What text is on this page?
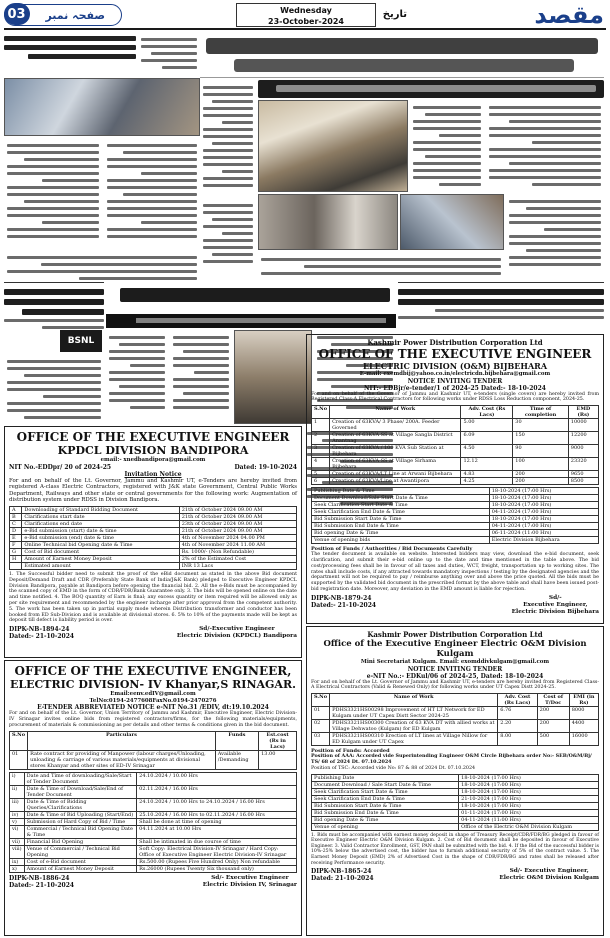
03	صفحہ نمبر	Wednesday
23-October-2024
تاریخ	مقصد
BSNL
OFFICE OF THE EXECUTIVE ENGINEER
KPDCL DIVISION BANDIPORA
email:- xnedbandipora@gmail.com
NIT No.-EDDpr/ 20 of 2024-25	Dated: 19-10-2024
Invitation Notice
For and on behalf of the Lt. Governor, Jammu and Kashmir UT, e-Tenders are hereby invited from registered A-class Electric Contractors, registered with J&K state Government, Central Public Works Department, Railways and other state or central governments for the following work: Augmentation of distribution system under RDSS in Division Bandipora.
A	Downloading of Standard Bidding Document	21th of October 2024 09.00 AM
B	Clarifications start date	21th of October 2024 09.00 AM
C	Clarifications end date	23th of October 2024 09.00 AM
D	e-Bid submission (start) date & time	21th of October 2024 09.00 AM
E	e-Bid submission (end) date & time	4th of November 2024 04.00 PM
F	Online Technical bid Opening date & Time	4th of November 2024 11.00 AM
G	Cost of Bid document	Rs. 1000/- (Non Refundable)
H	Amount of Earnest Money Deposit	2% of the Estimated Cost
	Estimated amount	INR 13 Lacs
1. The Successful bidder need to submit the proof of the eBid document as stated in the above Bid document Deposit/Demand Draft and CDR (Preferably State Bank of India/J&K Bank) pledged to Executive Engineer KPDCL Division Bandipora, payable at Bandipora before opening the financial bid. 2. All the e-Bids must be accompanied by the scanned copy of EMD in the form of CDR/FDR/Bank Guarantee only. 3. The bids will be opened online on the date and time notified. 4. The BOQ quantity of Earn is final; any excess quantity or item required will be allowed only as per site requirement and recommended by the engineer incharge after prior approval from the competent authority. 5. The work has been taken up in partial supply mode wherein Distribution transformer and conductor has been booked from ED Sub-Division and is available at divisional stores. 6. 5% to 10% of the payments made will be kept as deposit till defect is liability period is over.
DIPK-NB-1894-24
Dated:- 21-10-2024
Sd/-Executive Engineer
Electric Division (KPDCL) Bandipora
OFFICE OF THE EXECUTIVE ENGINEER,
ELECTRIC DIVISION- IV Khanyar,S RINAGAR.
Email:eenv.edIV@gmail.com
TelNo:0194-2477608FaxNo.0194-2470276
E-TENDER ABBREVIATED NOTICE e-NIT No.31 /EDIV, dt:19.10.2024
For and on behalf of the Lt. Governor, Union Territory of Jammu and Kashmir, Executive Engineer, Electric Division-IV Srinagar invites online bids from registered contractors/firms, for the following materials/equipments, procurement of materials & commissioning as per details and other terms & conditions given in the bid document.
S.No	Particulars	Funds	Est.cost (Rs in Lacs)
01	Rate contract for providing of Manpower (labour charges/Unloading, unloading & carriage of various materials/equipments at divisional stores Khanyar and other sites of ED-IV Srinagar	Available /Demanding	13.00
i)	Date and Time of downloading/Sale/Start of Tender Document	24.10.2024 / 10.00 Hrs
ii)	Date & Time of Download/Sale/End of Tender Document	02.11.2024 / 16.00 Hrs
iii)	Date & Time of Bidding Queries/Clarifications	24.10.2024 / 10.00 Hrs to 24.10.2024 / 16.00 Hrs
iv)	Date & Time of Bid Uploading (Start/End)	25.10.2024 / 16.00 Hrs to 02.11.2024 / 16.00 Hrs
v)	Submission of Hard Copy of Bid / Time	Shall be done at time of opening
vi)	Commercial / Technical Bid Opening Date & Time	04.11.2024 at 10.00 Hrs
vii)	Financial Bid Opening	Shall be intimated in due course of time
viii)	Venue of Commercial / Technical Bid Opening	Soft Copy: Electrical Division-IV Srinagar / Hard Copy: Office of Executive Engineer Electric Division-IV Srinagar
ix)	Cost of e-Bid document	Rs.500.00 (Rupees Five Hundred Only) Non refundable
x)	Amount of Earnest Money Deposit	Rs.26000 (Rupees Twenty Six thousand only)
DIPK-NB-1886-24
Dated:- 21-10-2024
Sd/- Executive Engineer
Electric Division IV, Srinagar
Kashmir Power Distribution Corporation Ltd
OFFICE OF THE EXECUTIVE ENGINEER
ELECTRIC DIVISION (O&M) BIJBEHARA
E-mail: exemdbij@yahoo.co.in/electricdn.bijbehara@gmail.com
NOTICE INVITING TENDER
NIT:- EDBjr/e-tender/1 of 2024-25 Dated:- 18-10-2024
For and on behalf of the Governor of Jammu and Kashmir UT, e-tenders (single covers) are hereby invited from Registered Class-A Electrical Contractors for following works under RDSS Loss Reduction component, 2024-25.
S.No	Name of Work	Adv. Cost (Rs Lacs)	Time of completion	EMD (Rs)
1	Creation of 63KVA/ 3 Phase/ 200A. Feeder Governed	5.00	30	10000
2	Creation of 63KVA SS at Village Sangla District Anantnag	6.09	150	12200
3	Creation of 63KVA / 100 KVA Sub Station at Bijbehara	4.50	90	9000
4	Creation of 63KVA SS at Village Sirhama Bijbehara	12.12	100	23320
5	Creation of 63KVA/LT Line at Arwani Bijbehara	4.83	200	9650
6	Creation of 63KVA/Line at Awantipora	4.25	200	8500
Publishing Date & Time	18-10-2024 (17:00 Hrs)
Document Download/Sale Start Date & Time	18-10-2024 (17:00 Hrs)
Seek Clarification Start Date & Time	18-10-2024 (17:00 Hrs)
Seek Clarification End Date & Time	04-11-2024 (17:00 Hrs)
Bid Submission Start Date & Time	18-10-2024 (17:00 Hrs)
Bid Submission End Date & Time	04-11-2024 (17:00 Hrs)
Bid opening Date & Time	06-11-2024 (11:00 Hrs)
Venue of opening bids	Electric Division Bijbehara
Position of Funds / Authorities / Bid Documents Carefully
The tender document is available on website. Interested bidders may view, download the e-bid document, seek clarification, and submit their e-bid online up to the date and time mentioned in the table above. The bid cost/processing fees shall be in favour of all taxes and duties, WCT, freight, transportation up to working sites. The rates shall include costs, if any attracted towards mandatory inspections / testing by the designated agencies and the department will not be required to pay / reimburse anything over and above the price quoted. All the bids must be supported by the validated bid document in the prescribed format by the above table and shall have been issued post-bid registration date. Moreover, any deviation in the EMD amount is liable for rejection.
DIPK-NB-1879-24
Dated:- 21-10-2024
Sd/-
Executive Engineer,
Electric Division Bijbehara
Kashmir Power Distribution Corporation Ltd
Office of the Executive Engineer Electric O&M Division Kulgam
Mini Secretariat Kulgam. Email: exomddivkulgam@gmail.com
NOTICE INVITING TENDER
e-NIT No.:- EDKul/06 of 2024-25, Dated: 18-10-2024
For and on behalf of the Lt. Governor of Jammu and Kashmir UT, e-tenders are hereby invited from Registered Class-A Electrical Contractors (Valid & Renewed Only) for following works under UT Capex Distt 2024-25.
S.No	Name of Work	Adv. Cost (Rs Lacs)	Cost of T/Doc	EMI (in Rs)
01	PDHS3321HS00298 Improvement of HT LT Network for ED Kulgam under UT Capex Distt Sector 2024-25	6.76	200	8000
02	PDHS3321HS00300 Creation of 63 KVA DT with allied works at Village Dehwatoo (Kulgam) for ED Kulgam	2.20	200	4400
03	PDHS3321HS00310 Erection of LT lines at Village Nillow for ED Kulgam under UT Capex	8.00	500	16000
Position of Funds: Accorded
Position of AAA: Accorded vide Superintending Engineer O&M Circle Bijbehara order No:- SEB/O&M/Bj/ TS/ 68 of 2024 Dt. 07.10.2024
Position of TSC: Accorded vide No: 87 & 88 of 2024 Dt. 07.10.2024
Publishing Date	18-10-2024 (17:00 Hrs)
Document Download / Sale Start Date & Time	18-10-2024 (17:00 Hrs)
Seek Clarification Start Date & Time	18-10-2024 (17:00 Hrs)
Seek Clarification End Date & Time	21-10-2024 (17:00 Hrs)
Bid Submission Start Date & Time	18-10-2024 (17:00 Hrs)
Bid Submission End Date & Time	01-11-2024 (17:00 Hrs)
Bid opening Date & Time	04-11-2024 (11:00 Hrs)
Venue of opening	Office of the Electric O&M Division Kulgam
1. Bids must be accompanied with earnest money deposit in shape of Treasury Receipt/CDR/FDR/BG pledged in favour of Executive Engineer Electric O&M Division Kulgam. 2. Cost of Bid document shall be deposited in favour of Executive Engineer. 3. Valid Contractor Enrollment, GST, PAN shall be submitted with the bid. 4. If the Bid of the successful bidder is 10%-25% below the advertised cost, the bidder has to furnish additional security of 5% of the contract value. 5. The Earnest Money Deposit (EMD) 2% of Advertised Cost in the shape of CDR/FDR/BG and rates shall be released after receiving Performance security.
DIPK-NB-1865-24
Dated: 21-10-2024
Sd/- Executive Engineer,
Electric O&M Division Kulgam
